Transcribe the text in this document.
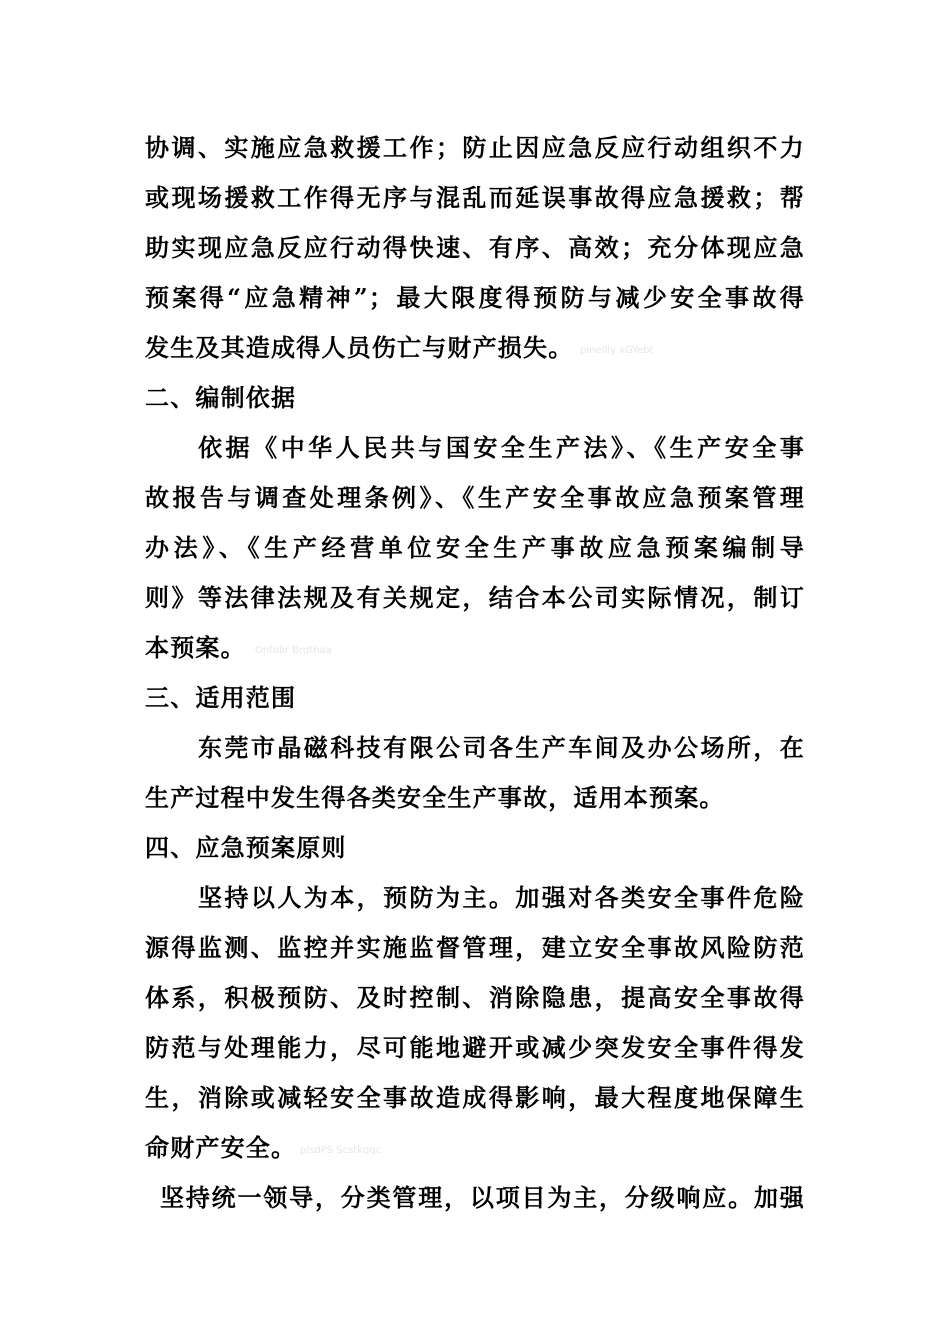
协调、实施应急救援工作；防止因应急反应行动组织不力
或现场援救工作得无序与混乱而延误事故得应急援救；帮
助实现应急反应行动得快速、有序、高效；充分体现应急
预案得“应急精神”；最大限度得预防与减少安全事故得
发生及其造成得人员伤亡与财产损失。 pinellly xGYebt
二、编制依据
依据《中华人民共与国安全生产法》、《生产安全事
故报告与调查处理条例》、《生产安全事故应急预案管理
办法》、《生产经营单位安全生产事故应急预案编制导
则》等法律法规及有关规定，结合本公司实际情况，制订
本预案。 Ontolir Brdthaa
三、适用范围
东莞市晶磁科技有限公司各生产车间及办公场所，在
生产过程中发生得各类安全生产事故，适用本预案。
四、应急预案原则
坚持以人为本，预防为主。加强对各类安全事件危险
源得监测、监控并实施监督管理，建立安全事故风险防范
体系，积极预防、及时控制、消除隐患，提高安全事故得
防范与处理能力，尽可能地避开或减少突发安全事件得发
生，消除或减轻安全事故造成得影响，最大程度地保障生
命财产安全。 plsdPS Scstkqqc
坚持统一领导，分类管理，以项目为主，分级响应。加强
